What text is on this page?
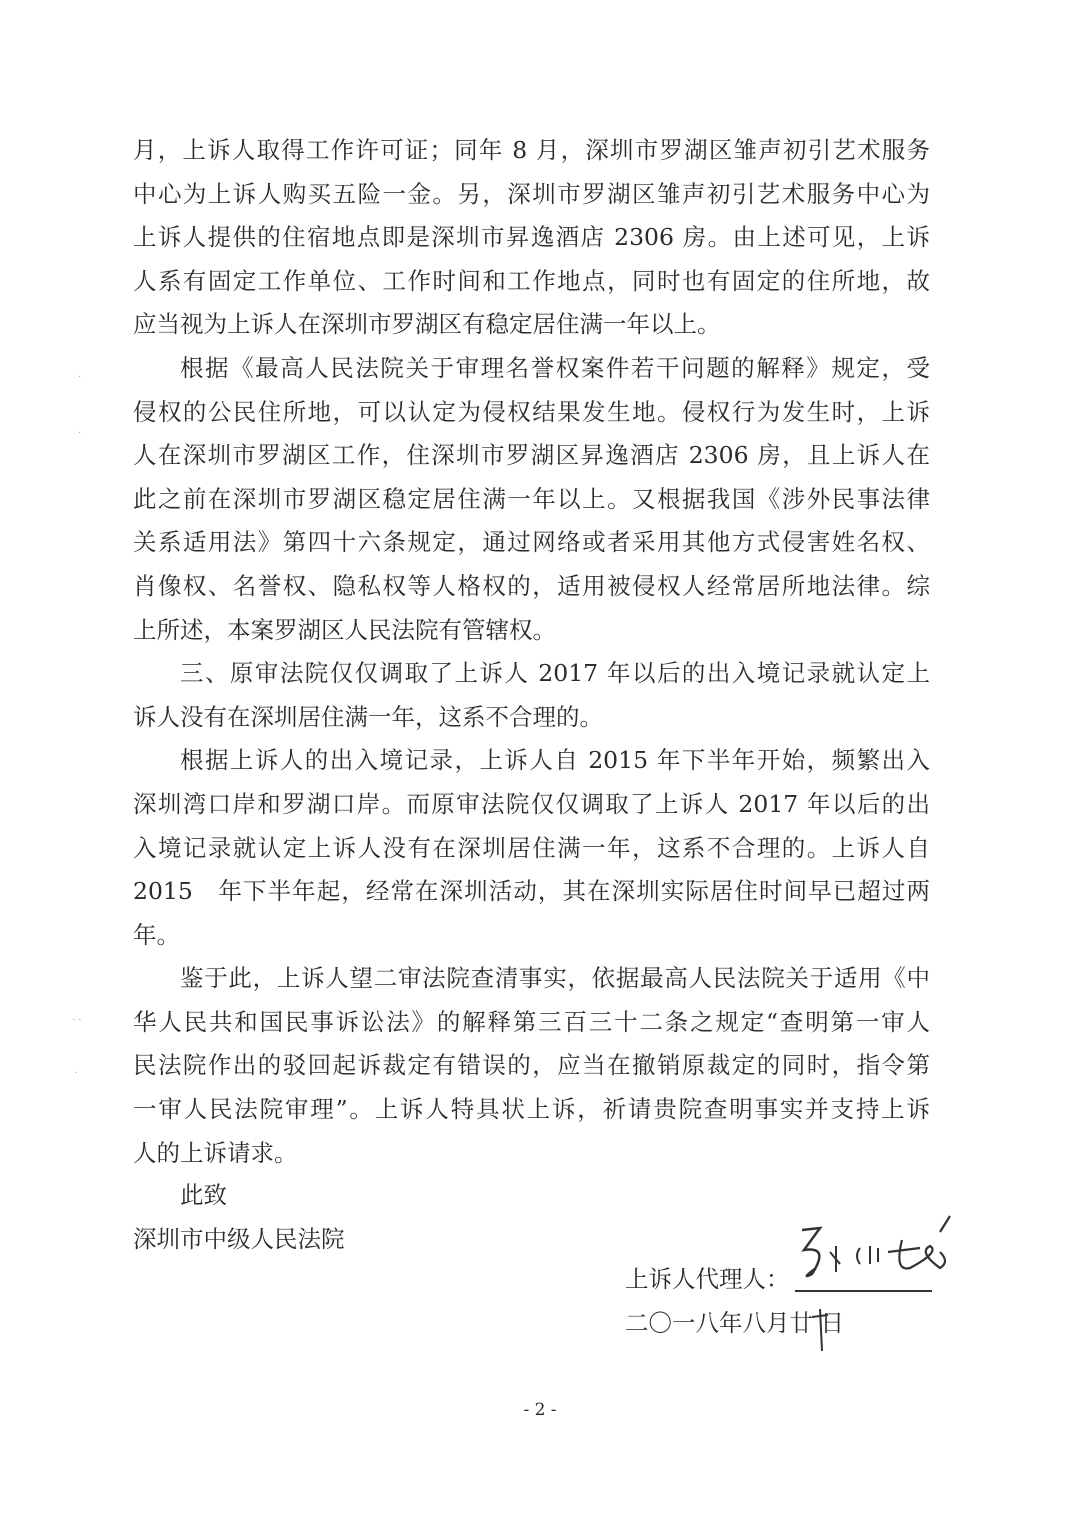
月，上诉人取得工作许可证；同年 8 月，深圳市罗湖区雏声初引艺术服务
中心为上诉人购买五险一金。另，深圳市罗湖区雏声初引艺术服务中心为
上诉人提供的住宿地点即是深圳市昇逸酒店 2306 房。由上述可见，上诉
人系有固定工作单位、工作时间和工作地点，同时也有固定的住所地，故
应当视为上诉人在深圳市罗湖区有稳定居住满一年以上。
根据《最高人民法院关于审理名誉权案件若干问题的解释》规定，受
侵权的公民住所地，可以认定为侵权结果发生地。侵权行为发生时，上诉
人在深圳市罗湖区工作，住深圳市罗湖区昇逸酒店 2306 房，且上诉人在
此之前在深圳市罗湖区稳定居住满一年以上。又根据我国《涉外民事法律
关系适用法》第四十六条规定，通过网络或者采用其他方式侵害姓名权、
肖像权、名誉权、隐私权等人格权的，适用被侵权人经常居所地法律。综
上所述，本案罗湖区人民法院有管辖权。
三、原审法院仅仅调取了上诉人 2017 年以后的出入境记录就认定上
诉人没有在深圳居住满一年，这系不合理的。
根据上诉人的出入境记录，上诉人自 2015 年下半年开始，频繁出入
深圳湾口岸和罗湖口岸。而原审法院仅仅调取了上诉人 2017 年以后的出
入境记录就认定上诉人没有在深圳居住满一年，这系不合理的。上诉人自
2015　年下半年起，经常在深圳活动，其在深圳实际居住时间早已超过两
年。
鉴于此，上诉人望二审法院查清事实，依据最高人民法院关于适用《中
华人民共和国民事诉讼法》的解释第三百三十二条之规定“查明第一审人
民法院作出的驳回起诉裁定有错误的，应当在撤销原裁定的同时，指令第
一审人民法院审理”。上诉人特具状上诉，祈请贵院查明事实并支持上诉
人的上诉请求。
此致
深圳市中级人民法院
上诉人代理人：
二〇一八年八月廿 日
- 2 -
·
·
· ·
·
